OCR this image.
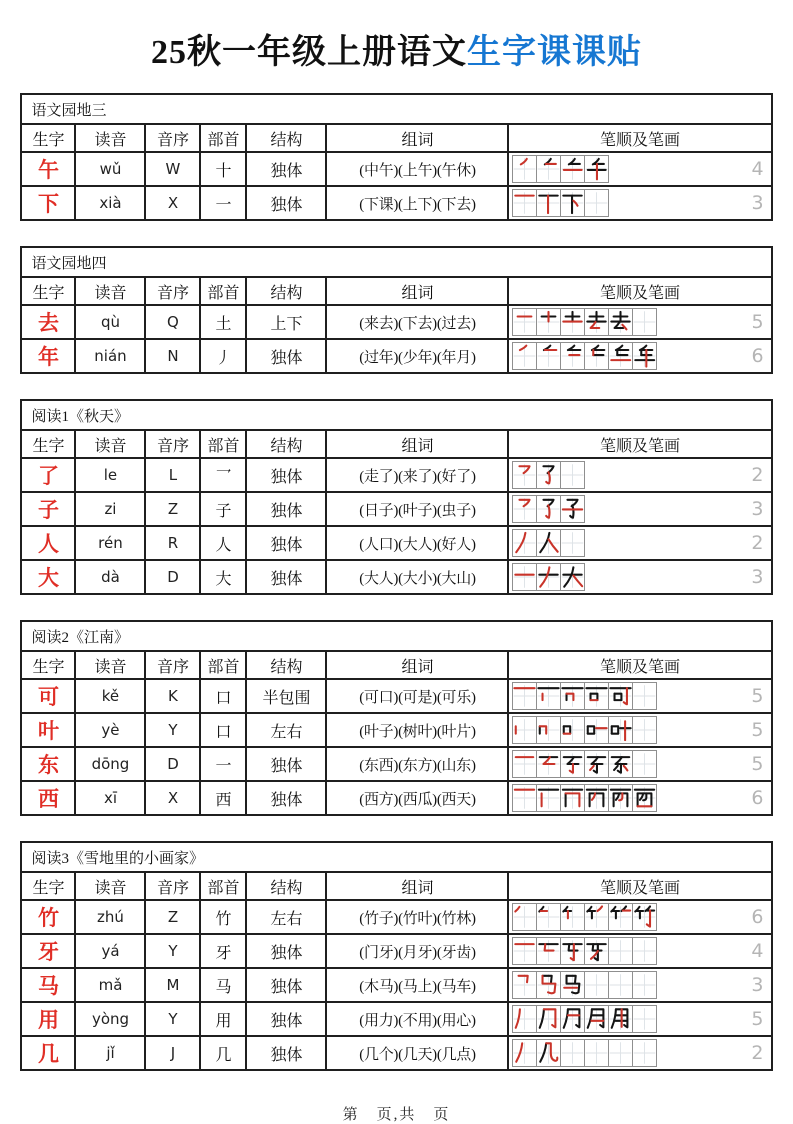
25秋一年级上册语文生字课课贴
语文园地三						
生字	读音	音序	部首	结构	组词	笔顺及笔画
午	wǔ	W	十	独体	(中午)(上午)(午休)	4

下	xià	X	一	独体	(下课)(上下)(下去)	3
语文园地四						
生字	读音	音序	部首	结构	组词	笔顺及笔画
去	qù	Q	土	上下	(来去)(下去)(过去)	5

年	nián	N	丿	独体	(过年)(少年)(年月)	6
阅读1《秋天》						
生字	读音	音序	部首	结构	组词	笔顺及笔画
了	le	L	乛	独体	(走了)(来了)(好了)	2

子	zi	Z	子	独体	(日子)(叶子)(虫子)	3

人	rén	R	人	独体	(人口)(大人)(好人)	2

大	dà	D	大	独体	(大人)(大小)(大山)	3
阅读2《江南》						
生字	读音	音序	部首	结构	组词	笔顺及笔画
可	kě	K	口	半包围	(可口)(可是)(可乐)	5

叶	yè	Y	口	左右	(叶子)(树叶)(叶片)	5

东	dōng	D	一	独体	(东西)(东方)(山东)	5

西	xī	X	西	独体	(西方)(西瓜)(西天)	6
阅读3《雪地里的小画家》						
生字	读音	音序	部首	结构	组词	笔顺及笔画
竹	zhú	Z	竹	左右	(竹子)(竹叶)(竹林)	6

牙	yá	Y	牙	独体	(门牙)(月牙)(牙齿)	4

马	mǎ	M	马	独体	(木马)(马上)(马车)	3

用	yòng	Y	用	独体	(用力)(不用)(用心)	5

几	jǐ	J	几	独体	(几个)(几天)(几点)	2
第　页,共　页
